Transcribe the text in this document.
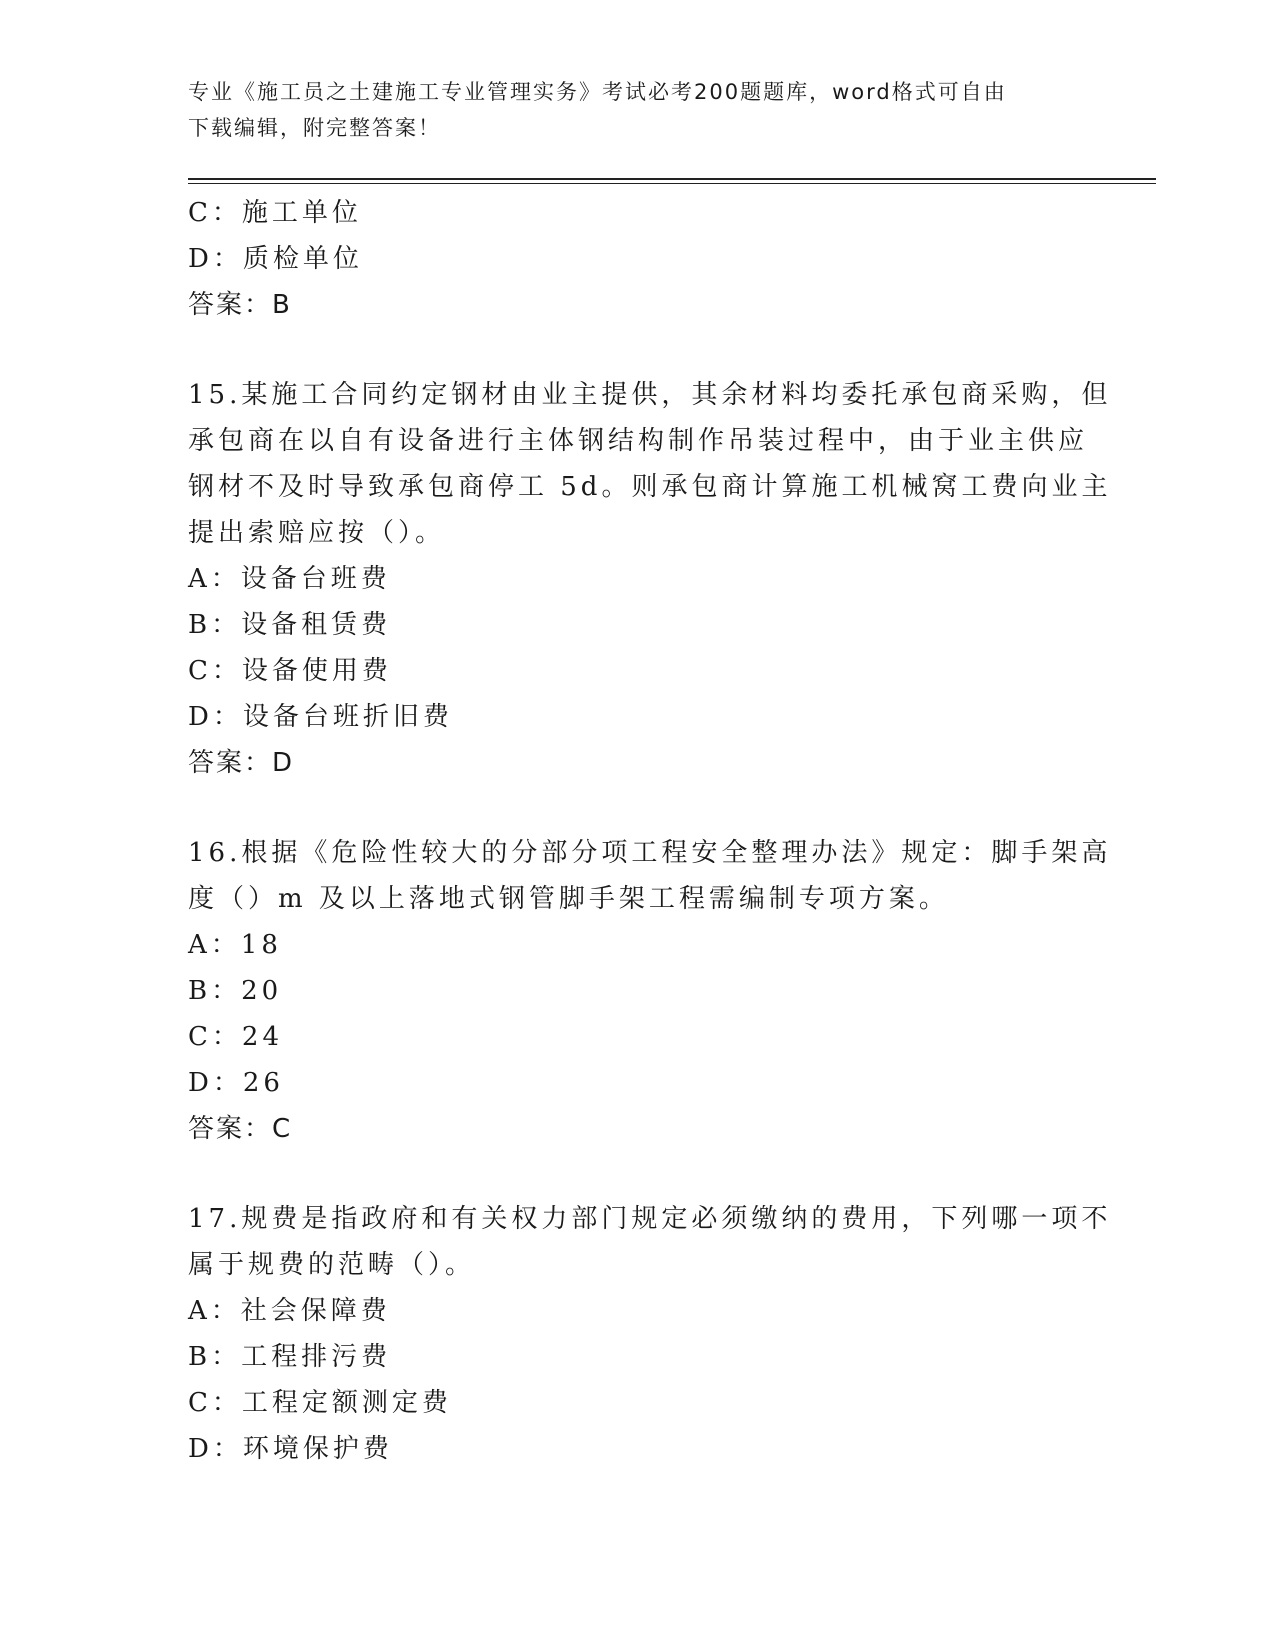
专业《施工员之土建施工专业管理实务》考试必考200题题库，word格式可自由
下载编辑，附完整答案！
C：施工单位
D：质检单位
答案：B
15.某施工合同约定钢材由业主提供，其余材料均委托承包商采购，但
承包商在以自有设备进行主体钢结构制作吊装过程中，由于业主供应
钢材不及时导致承包商停工 5d。则承包商计算施工机械窝工费向业主
提出索赔应按（）。
A：设备台班费
B：设备租赁费
C：设备使用费
D：设备台班折旧费
答案：D
16.根据《危险性较大的分部分项工程安全整理办法》规定：脚手架高
度（）m 及以上落地式钢管脚手架工程需编制专项方案。
A：18
B：20
C：24
D：26
答案：C
17.规费是指政府和有关权力部门规定必须缴纳的费用，下列哪一项不
属于规费的范畴（）。
A：社会保障费
B：工程排污费
C：工程定额测定费
D：环境保护费
